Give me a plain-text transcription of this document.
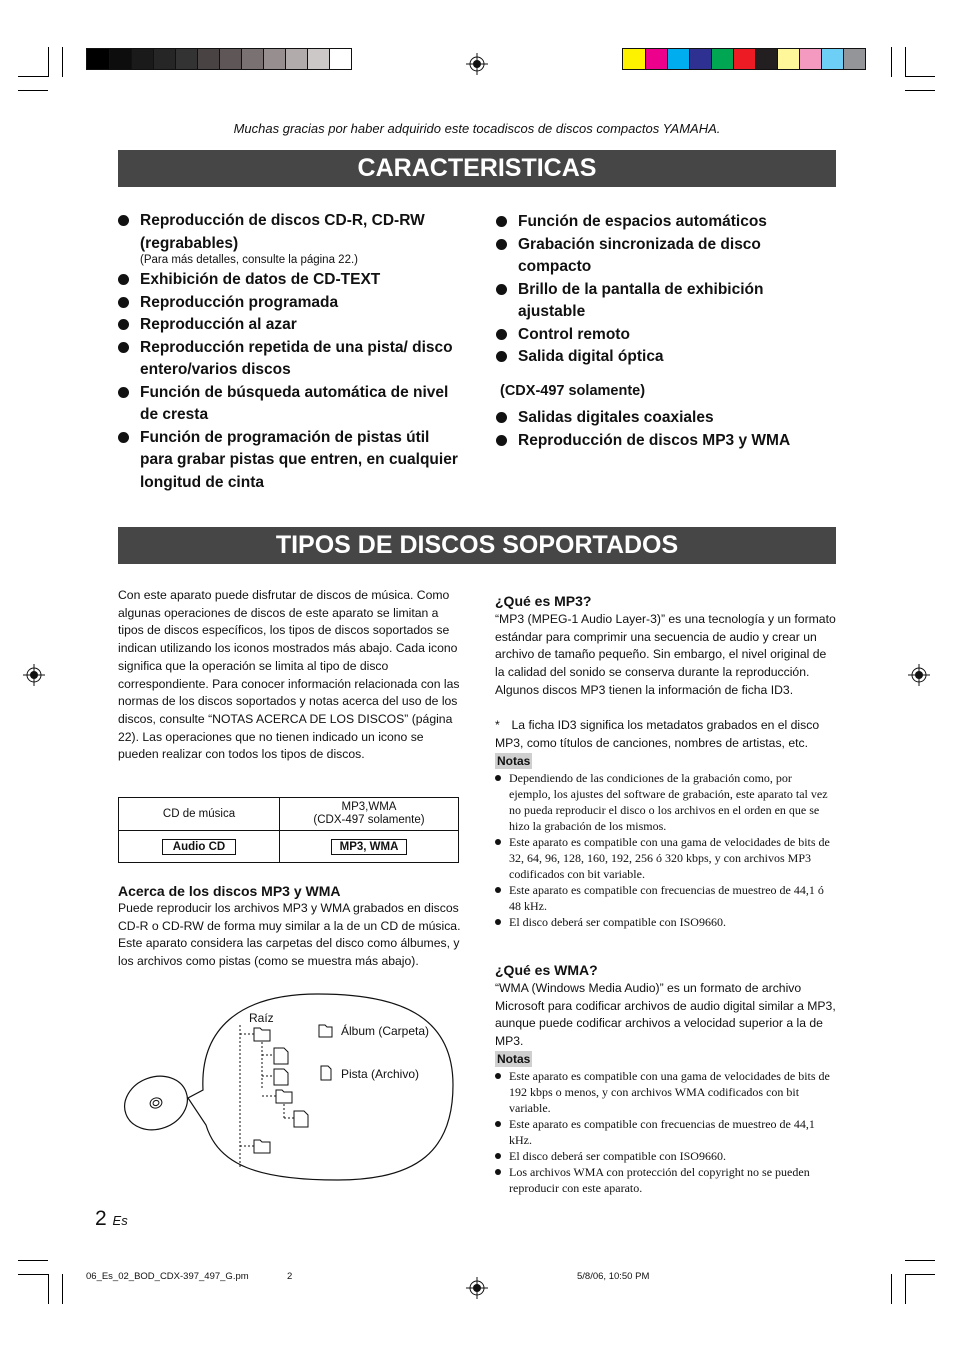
Muchas gracias por haber adquirido este tocadiscos de discos compactos YAMAHA.
CARACTERISTICAS
Reproducción de discos CD-R, CD-RW (regrabables)
(Para más detalles, consulte la página 22.)
Exhibición de datos de CD-TEXT
Reproducción programada
Reproducción al azar
Reproducción repetida de una pista/ disco entero/varios discos
Función de búsqueda automática de nivel de cresta
Función de programación de pistas útil para grabar pistas que entren, en cualquier longitud de cinta
Función de espacios automáticos
Grabación sincronizada de disco compacto
Brillo de la pantalla de exhibición ajustable
Control remoto
Salida digital óptica
(CDX-497 solamente)
Salidas digitales coaxiales
Reproducción de discos MP3 y WMA
TIPOS DE DISCOS SOPORTADOS
Con este aparato puede disfrutar de discos de música. Como algunas operaciones de discos de este aparato se limitan a tipos de discos específicos, los tipos de discos soportados se indican utilizando los iconos mostrados más abajo. Cada icono significa que la operación se limita al tipo de disco correspondiente. Para conocer información relacionada con las normas de los discos soportados y notas acerca del uso de los discos, consulte “NOTAS ACERCA DE LOS DISCOS” (página 22). Las operaciones que no tienen indicado un icono se pueden realizar con todos los tipos de discos.
CD de música	MP3,WMA
(CDX-497 solamente)

Audio CD	MP3, WMA
Acerca de los discos MP3 y WMA
Puede reproducir los archivos MP3 y WMA grabados en discos CD-R o CD-RW de forma muy similar a la de un CD de música. Este aparato considera las carpetas del disco como álbumes, y los archivos como pistas (como se muestra más abajo).
Raíz
Álbum (Carpeta)
Pista (Archivo)
¿Qué es MP3?
“MP3 (MPEG-1 Audio Layer-3)” es una tecnología y un formato estándar para comprimir una secuencia de audio y crear un archivo de tamaño pequeño. Sin embargo, el nivel original de la calidad del sonido se conserva durante la reproducción. Algunos discos MP3 tienen la información de ficha ID3.
* La ficha ID3 significa los metadatos grabados en el disco MP3, como títulos de canciones, nombres de artistas, etc.
Notas
Dependiendo de las condiciones de la grabación como, por ejemplo, los ajustes del software de grabación, este aparato tal vez no pueda reproducir el disco o los archivos en el orden en que se hizo la grabación de los mismos.
Este aparato es compatible con una gama de velocidades de bits de 32, 64, 96, 128, 160, 192, 256 ó 320 kbps, y con archivos MP3 codificados con bit variable.
Este aparato es compatible con frecuencias de muestreo de 44,1 ó 48 kHz.
El disco deberá ser compatible con ISO9660.
¿Qué es WMA?
“WMA (Windows Media Audio)” es un formato de archivo Microsoft para codificar archivos de audio digital similar a MP3, aunque puede codificar archivos a velocidad superior a la de MP3.
Notas
Este aparato es compatible con una gama de velocidades de bits de 192 kbps o menos, y con archivos WMA codificados con bit variable.
Este aparato es compatible con frecuencias de muestreo de 44,1 kHz.
El disco deberá ser compatible con ISO9660.
Los archivos WMA con protección del copyright no se pueden reproducir con este aparato.
2 Es
06_Es_02_BOD_CDX-397_497_G.pm	2	5/8/06, 10:50 PM
